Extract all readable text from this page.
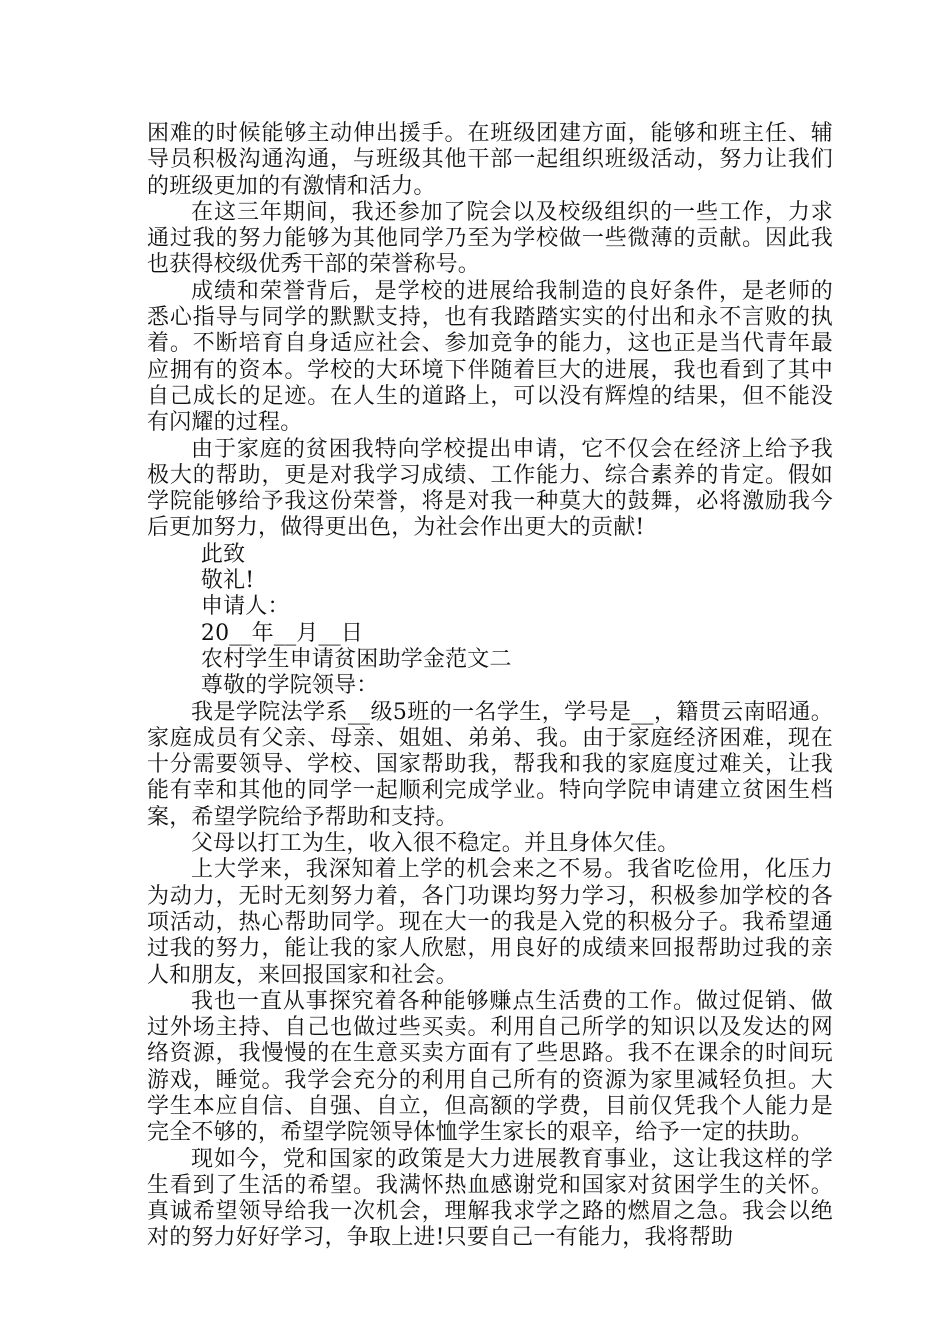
困难的时候能够主动伸出援手。在班级团建方面，能够和班主任、辅导员积极沟通沟通，与班级其他干部一起组织班级活动，努力让我们的班级更加的有激情和活力。

在这三年期间，我还参加了院会以及校级组织的一些工作，力求通过我的努力能够为其他同学乃至为学校做一些微薄的贡献。因此我也获得校级优秀干部的荣誉称号。

成绩和荣誉背后，是学校的进展给我制造的良好条件，是老师的悉心指导与同学的默默支持，也有我踏踏实实的付出和永不言败的执着。不断培育自身适应社会、参加竞争的能力，这也正是当代青年最应拥有的资本。学校的大环境下伴随着巨大的进展，我也看到了其中自己成长的足迹。在人生的道路上，可以没有辉煌的结果，但不能没有闪耀的过程。

由于家庭的贫困我特向学校提出申请，它不仅会在经济上给予我极大的帮助，更是对我学习成绩、工作能力、综合素养的肯定。假如学院能够给予我这份荣誉，将是对我一种莫大的鼓舞，必将激励我今后更加努力，做得更出色，为社会作出更大的贡献!

此致

敬礼!

申请人：

20__年__月__日

农村学生申请贫困助学金范文二

尊敬的学院领导：

我是学院法学系__级5班的一名学生，学号是__，籍贯云南昭通。家庭成员有父亲、母亲、姐姐、弟弟、我。由于家庭经济困难，现在十分需要领导、学校、国家帮助我，帮我和我的家庭度过难关，让我能有幸和其他的同学一起顺利完成学业。特向学院申请建立贫困生档案，希望学院给予帮助和支持。

父母以打工为生，收入很不稳定。并且身体欠佳。

上大学来，我深知着上学的机会来之不易。我省吃俭用，化压力为动力，无时无刻努力着，各门功课均努力学习，积极参加学校的各项活动，热心帮助同学。现在大一的我是入党的积极分子。我希望通过我的努力，能让我的家人欣慰，用良好的成绩来回报帮助过我的亲人和朋友，来回报国家和社会。

我也一直从事探究着各种能够赚点生活费的工作。做过促销、做过外场主持、自己也做过些买卖。利用自己所学的知识以及发达的网络资源，我慢慢的在生意买卖方面有了些思路。我不在课余的时间玩游戏，睡觉。我学会充分的利用自己所有的资源为家里减轻负担。大学生本应自信、自强、自立，但高额的学费，目前仅凭我个人能力是完全不够的，希望学院领导体恤学生家长的艰辛，给予一定的扶助。

现如今，党和国家的政策是大力进展教育事业，这让我这样的学生看到了生活的希望。我满怀热血感谢党和国家对贫困学生的关怀。真诚希望领导给我一次机会，理解我求学之路的燃眉之急。我会以绝对的努力好好学习，争取上进!只要自己一有能力，我将帮助
